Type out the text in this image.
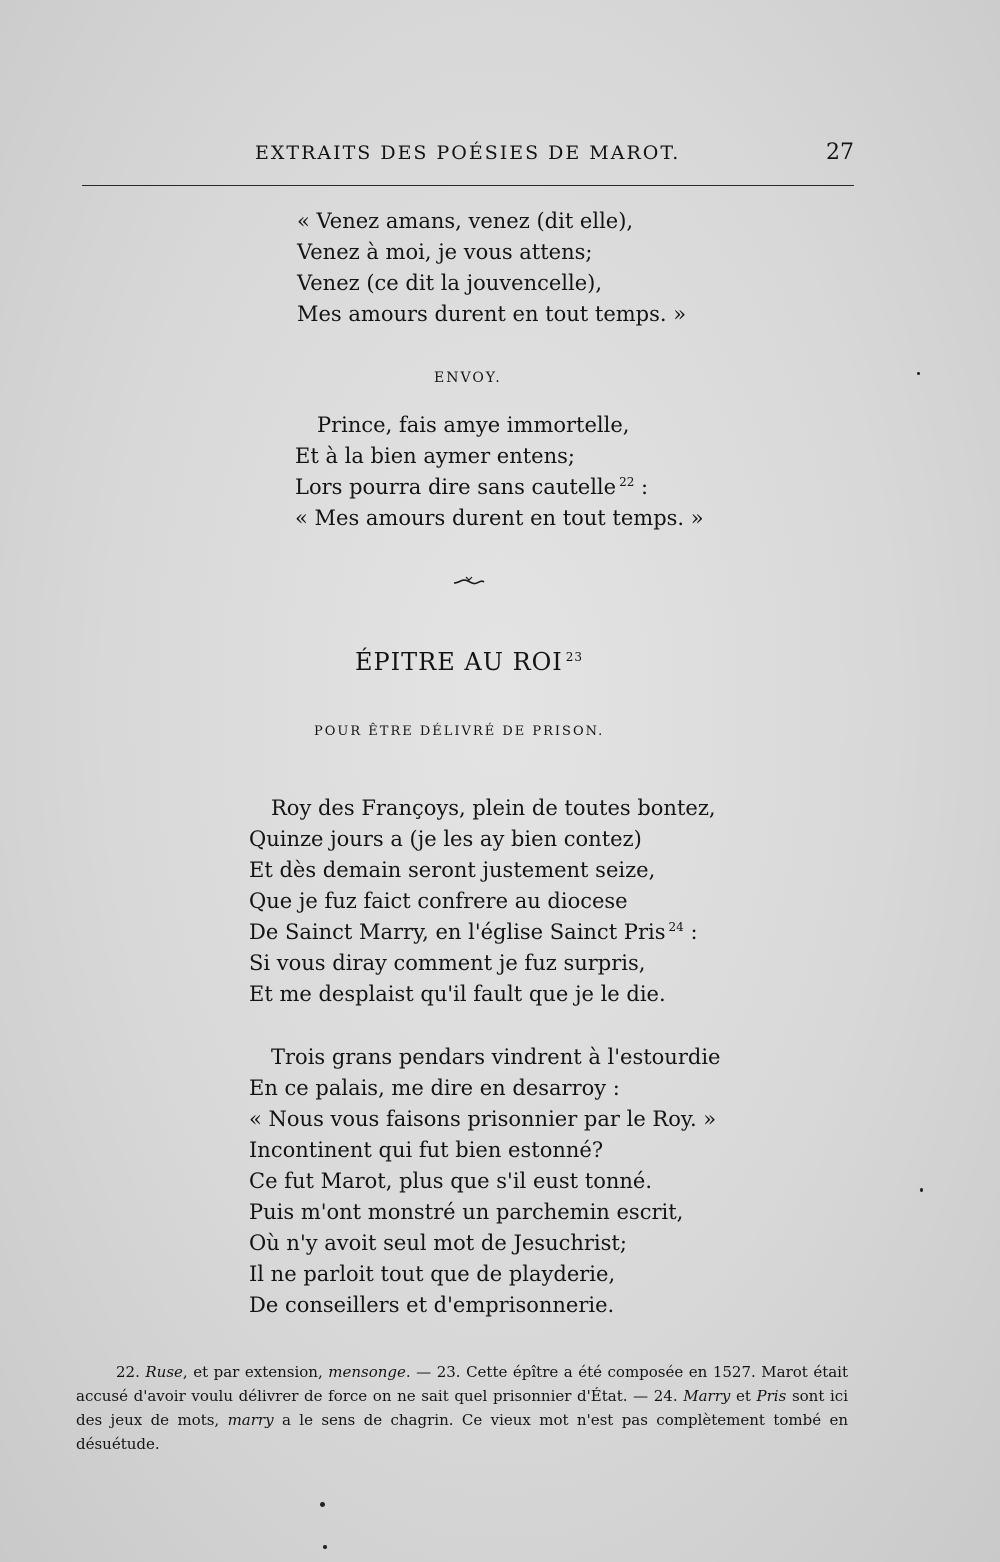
EXTRAITS DES POÉSIES DE MAROT.	27
« Venez amans, venez (dit elle),
Venez à moi, je vous attens;
Venez (ce dit la jouvencelle),
Mes amours durent en tout temps. »
ENVOY.
Prince, fais amye immortelle,
Et à la bien aymer entens;
Lors pourra dire sans cautelle $^{22}$ :
« Mes amours durent en tout temps. »
ÉPITRE AU ROI $^{23}$
POUR ÊTRE DÉLIVRÉ DE PRISON.
Roy des Françoys, plein de toutes bontez,
Quinze jours a (je les ay bien contez)
Et dès demain seront justement seize,
Que je fuz faict confrere au diocese
De Sainct Marry, en l'église Sainct Pris $^{24}$ :
Si vous diray comment je fuz surpris,
Et me desplaist qu'il fault que je le die.
Trois grans pendars vindrent à l'estourdie
En ce palais, me dire en desarroy :
« Nous vous faisons prisonnier par le Roy. »
Incontinent qui fut bien estonné?
Ce fut Marot, plus que s'il eust tonné.
Puis m'ont monstré un parchemin escrit,
Où n'y avoit seul mot de Jesuchrist;
Il ne parloit tout que de playderie,
De conseillers et d'emprisonnerie.

22. Ruse, et par extension, mensonge. — 23. Cette épître a été composée en 1527. Marot était accusé d'avoir voulu délivrer de force on ne sait quel prisonnier d'État. — 24. Marry et Pris sont ici des jeux de mots, marry a le sens de chagrin. Ce vieux mot n'est pas complètement tombé en désuétude.
